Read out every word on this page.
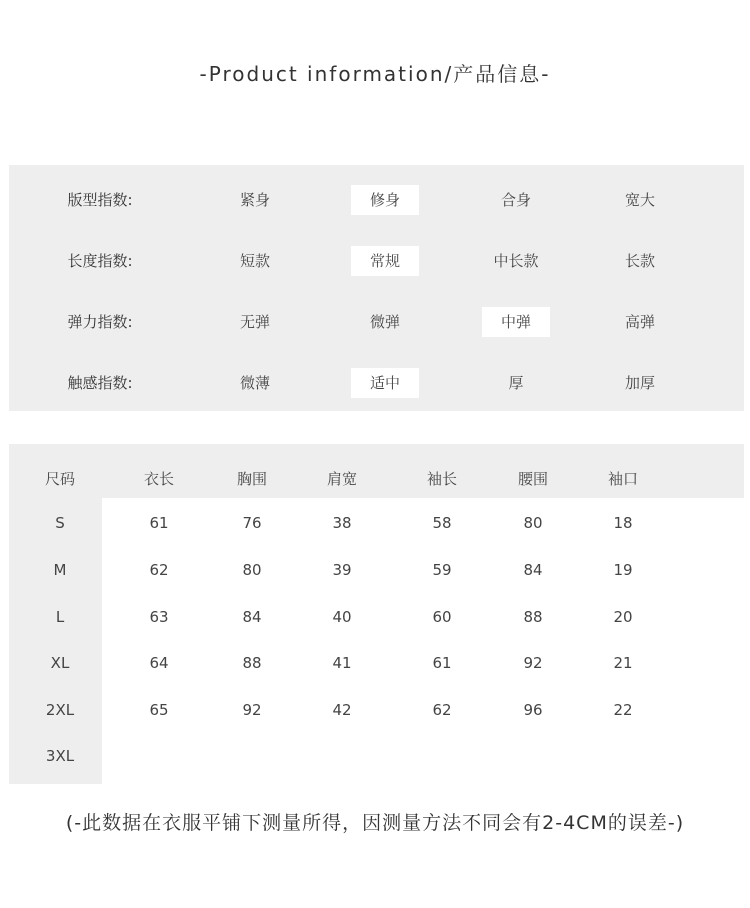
-Product information/产品信息-
版型指数:	紧身	修身	合身	宽大
长度指数:	短款	常规	中长款	长款
弹力指数:	无弹	微弹	中弹	高弹
触感指数:	微薄	适中	厚	加厚
尺码	衣长	胸围	肩宽	袖长	腰围	袖口
S	61	76	38	58	80	18
M	62	80	39	59	84	19
L	63	84	40	60	88	20
XL	64	88	41	61	92	21
2XL	65	92	42	62	96	22
3XL
(-此数据在衣服平铺下测量所得，因测量方法不同会有2-4CM的误差-)
